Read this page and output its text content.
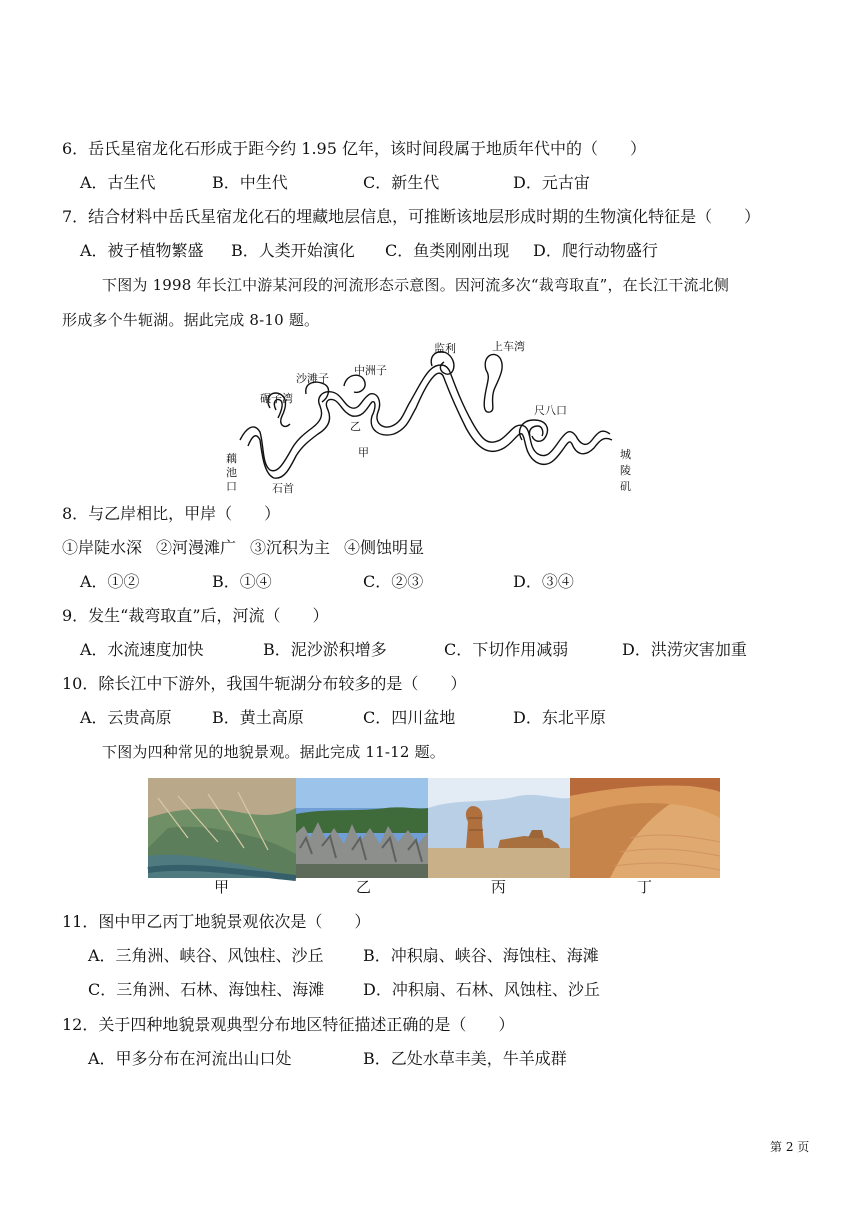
6．岳氏星宿龙化石形成于距今约 1.95 亿年，该时间段属于地质年代中的（　　）
A．古生代	B．中生代	C．新生代	D．元古宙
7．结合材料中岳氏星宿龙化石的埋藏地层信息，可推断该地层形成时期的生物演化特征是（　　）
A．被子植物繁盛 B．人类开始演化 C．鱼类刚刚出现 D．爬行动物盛行
下图为 1998 年长江中游某河段的河流形态示意图。因河流多次“裁弯取直”，在长江干流北侧
形成多个牛轭湖。据此完成 8-10 题。
藕
池
口	石首
碾子湾
沙滩子
中洲子
乙
甲
监利	上车湾
尺八口
城
陵
矶
8．与乙岸相比，甲岸（　　）
①岸陡水深 ②河漫滩广 ③沉积为主 ④侧蚀明显
A．①②	B．①④	C．②③	D．③④
9．发生“裁弯取直”后，河流（　　）
A．水流速度加快	B．泥沙淤积增多	C．下切作用减弱	D．洪涝灾害加重
10．除长江中下游外，我国牛轭湖分布较多的是（　　）
A．云贵高原	B．黄土高原	C．四川盆地	D．东北平原
下图为四种常见的地貌景观。据此完成 11-12 题。
甲	乙	丙	丁
11．图中甲乙丙丁地貌景观依次是（　　）
A．三角洲、峡谷、风蚀柱、沙丘 B．冲积扇、峡谷、海蚀柱、海滩
C．三角洲、石林、海蚀柱、海滩 D．冲积扇、石林、风蚀柱、沙丘
12．关于四种地貌景观典型分布地区特征描述正确的是（　　）
A．甲多分布在河流出山口处	B．乙处水草丰美，牛羊成群
第 2 页
